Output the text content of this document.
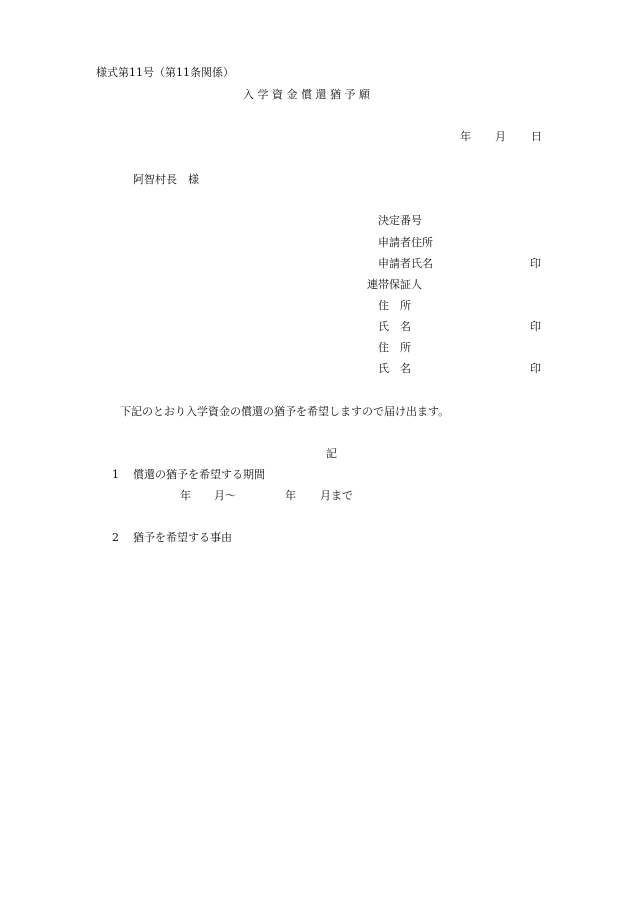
様式第11号（第11条関係）
入 学 資 金 償 還 猶 予 願
年 月 日
阿智村長　様
決定番号
申請者住所
申請者氏名	印
連帯保証人
住　所
氏　名	印
住　所
氏　名	印
下記のとおり入学資金の償還の猶予を希望しますので届け出ます。
記
1 償還の猶予を希望する期間
年 月～	年 月まで
2 猶予を希望する事由
